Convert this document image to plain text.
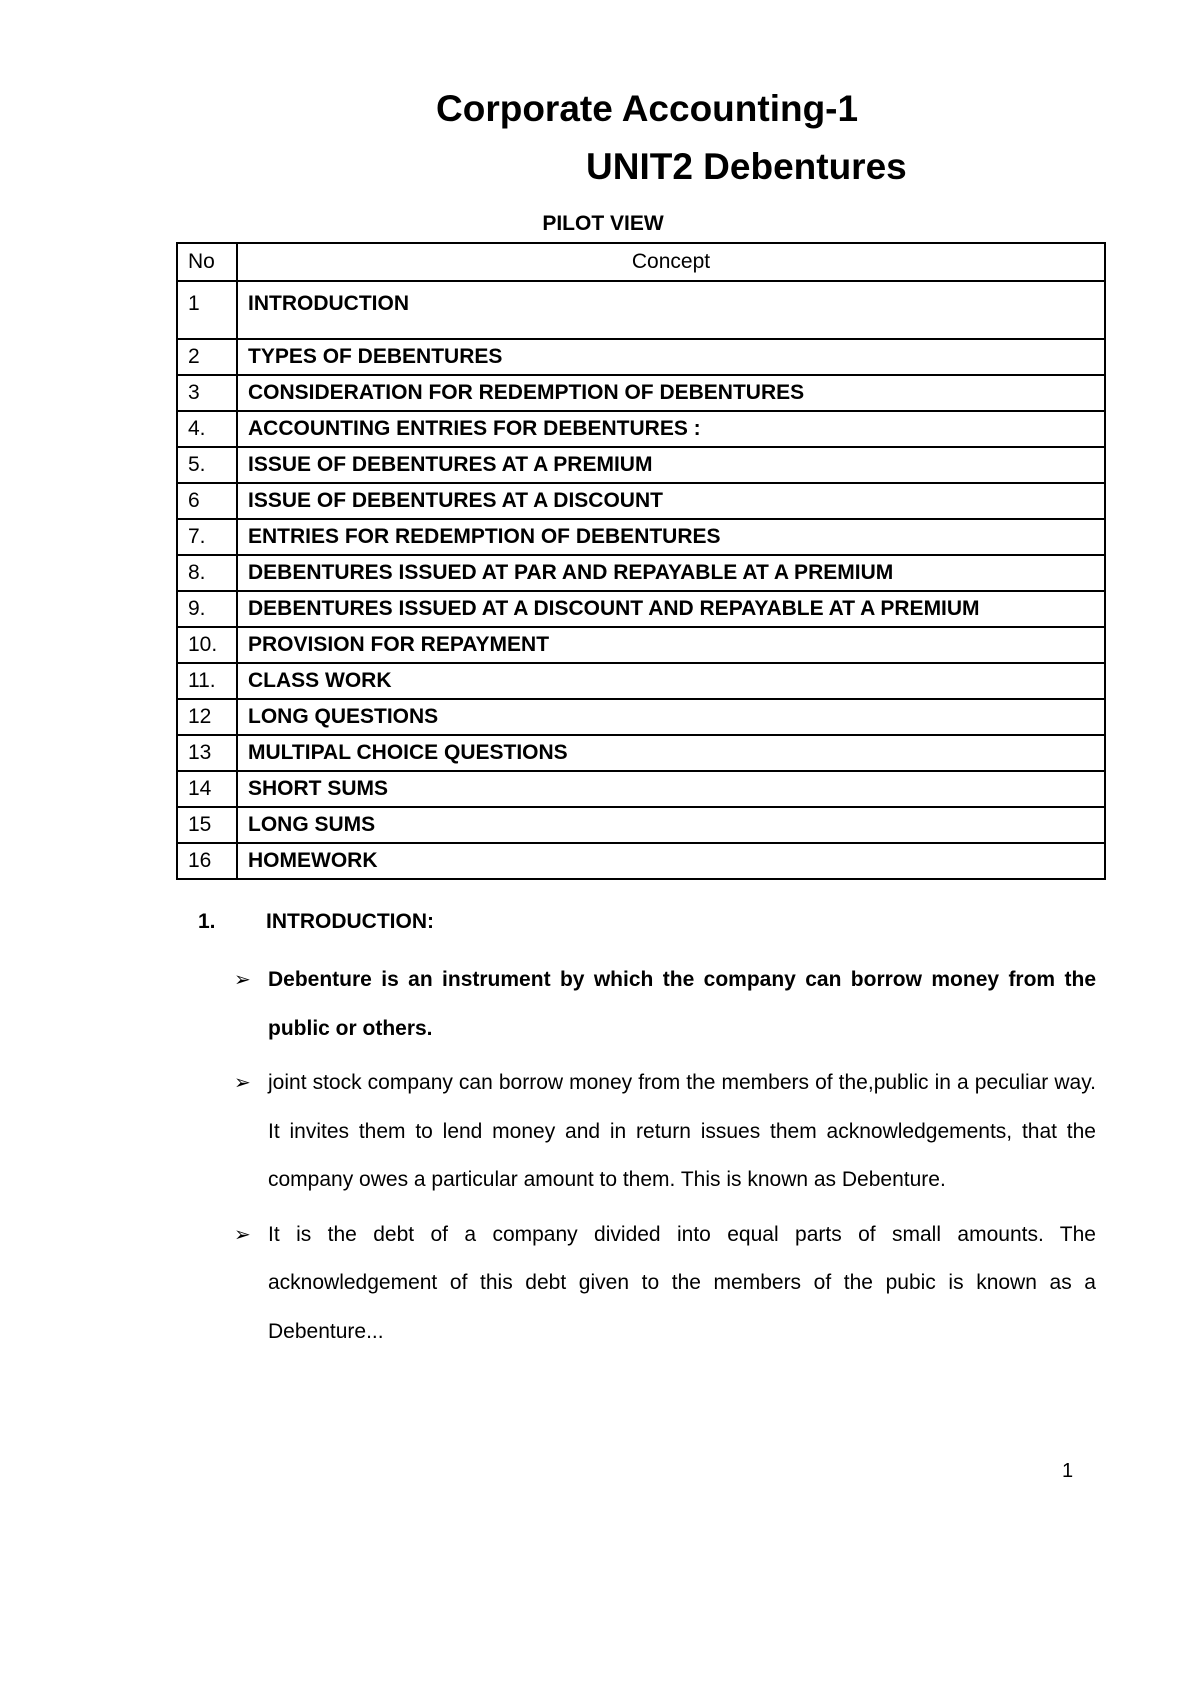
Corporate Accounting-1
UNIT2 Debentures
PILOT VIEW
No	Concept
1	INTRODUCTION
2	TYPES OF DEBENTURES
3	CONSIDERATION FOR REDEMPTION OF DEBENTURES
4.	ACCOUNTING ENTRIES FOR DEBENTURES :
5.	ISSUE OF DEBENTURES AT A PREMIUM
6	ISSUE OF DEBENTURES AT A DISCOUNT
7.	ENTRIES FOR REDEMPTION OF DEBENTURES
8.	DEBENTURES ISSUED AT PAR AND REPAYABLE AT A PREMIUM
9.	DEBENTURES ISSUED AT A DISCOUNT AND REPAYABLE AT A PREMIUM
10.	PROVISION FOR REPAYMENT
11.	CLASS WORK
12	LONG QUESTIONS
13	MULTIPAL CHOICE QUESTIONS
14	SHORT SUMS
15	LONG SUMS
16	HOMEWORK
1. INTRODUCTION:
➢ Debenture is an instrument by which the company can borrow money from the public or others.
➢ joint stock company can borrow money from the members of the,public in a peculiar way. It invites them to lend money and in return issues them acknowledgements, that the company owes a particular amount to them. This is known as Debenture.
➢ It is the debt of a company divided into equal parts of small amounts. The acknowledgement of this debt given to the members of the pubic is known as a Debenture...
1
